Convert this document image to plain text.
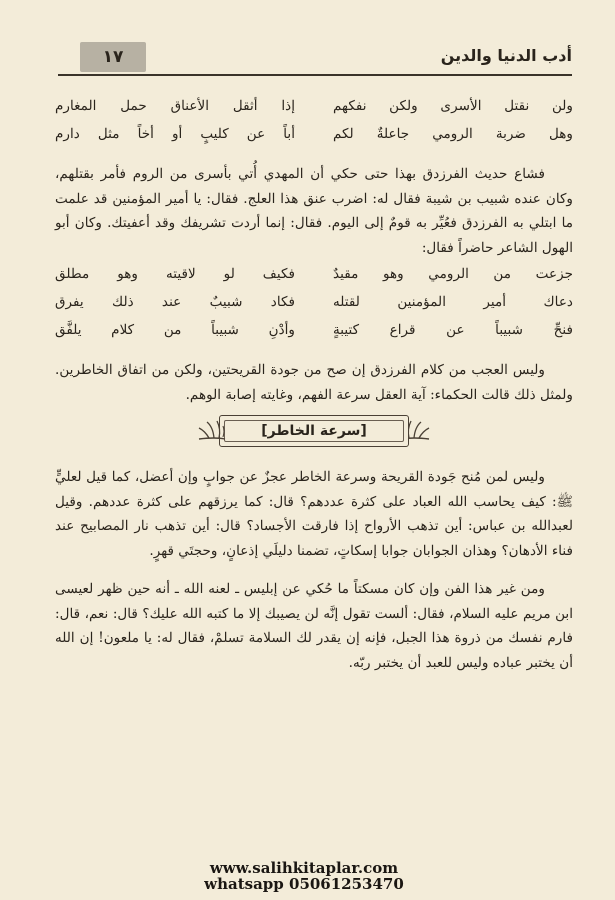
١٧	أدب الدنيا والدين
ولن نقتل الأسرى ولكن نفكهم
إذا أثقل الأعناق حمل المغارم
وهل ضربة الرومي جاعلةٌ لكم
أباً عن كليبٍ أو أخاً مثل دارم

فشاع حديث الفرزدق بهذا حتى حكي أن المهدي أُتي بأسرى من الروم فأمر بقتلهم، وكان عنده شبيب بن شيبة فقال له: اضرب عنق هذا العلج. فقال: يا أمير المؤمنين قد علمت ما ابتلي به الفرزدق فعُيِّر به قومٌ إلى اليوم. فقال: إنما أردت تشريفك وقد أعفيتك. وكان أبو الهول الشاعر حاضراً فقال:

جزعت من الرومي وهو مقيدٌ
فكيف لو لاقيته وهو مطلق
دعاك أمير المؤمنين لقتله
فكاد شبيبٌ عند ذلك يفرق
فنحِّ شبيباً عن قراع كتيبةٍ
وأدْنِ شبيباً من كلام يلفَّق

وليس العجب من كلام الفرزدق إن صح من جودة القريحتين، ولكن من اتفاق الخاطرين. ولمثل ذلك قالت الحكماء: آية العقل سرعة الفهم، وغايته إصابة الوهم.

[سرعة الخاطر]

وليس لمن مُنح جَودة القريحة وسرعة الخاطر عجزٌ عن جوابٍ وإن أعضل، كما قيل لعليٍّ ﷺ: كيف يحاسب الله العباد على كثرة عددهم؟ قال: كما يرزقهم على كثرة عددهم. وقيل لعبدالله بن عباس: أين تذهب الأرواح إذا فارقت الأجساد؟ قال: أين تذهب نار المصابيح عند فناء الأدهان؟ وهذان الجوابان جوابا إسكاتٍ، تضمنا دليلَي إذعانٍ، وحجتَي قهرٍ.

ومن غير هذا الفن وإن كان مسكتاً ما حُكي عن إبليس ـ لعنه الله ـ أنه حين ظهر لعيسى ابن مريم عليه السلام، فقال: ألست تقول إنَّه لن يصيبك إلا ما كتبه الله عليك؟ قال: نعم، قال: فارم نفسك من ذروة هذا الجبل، فإنه إن يقدر لك السلامة تسلمْ، فقال له: يا ملعون! إن الله أن يختبر عباده وليس للعبد أن يختبر ربّه.

www.salihkitaplar.com
whatsapp 05061253470
